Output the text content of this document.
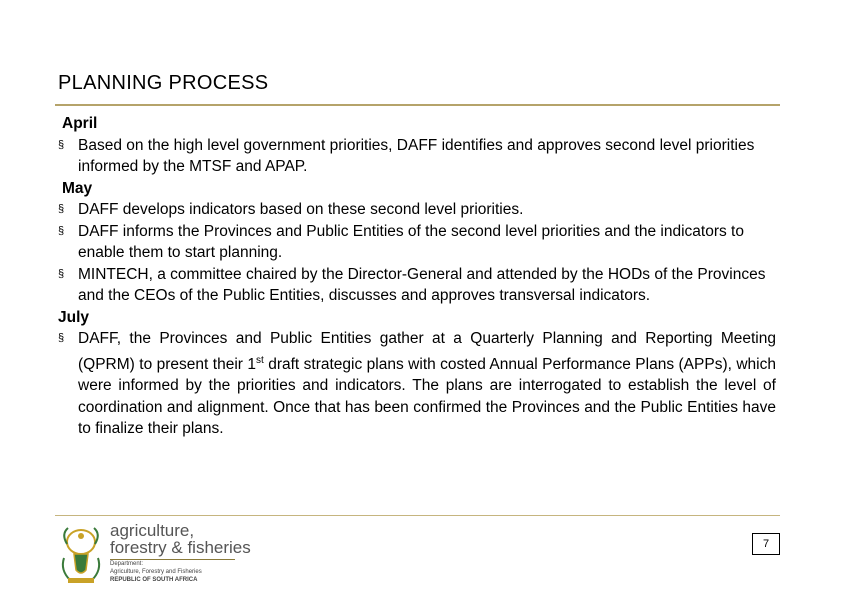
PLANNING PROCESS
April
§ Based on the high level government priorities, DAFF identifies and approves second level priorities informed by the MTSF and APAP.
May
§ DAFF develops indicators based on these second level priorities.
§ DAFF informs the Provinces and Public Entities of the second level priorities and the indicators to enable them to start planning.
§ MINTECH, a committee chaired by the Director-General and attended by the HODs of the Provinces and the CEOs of the Public Entities, discusses and approves transversal indicators.
July
§ DAFF, the Provinces and Public Entities gather at a Quarterly Planning and Reporting Meeting (QPRM) to present their 1st draft strategic plans with costed Annual Performance Plans (APPs), which were informed by the priorities and indicators. The plans are interrogated to establish the level of coordination and alignment. Once that has been confirmed the Provinces and the Public Entities have to finalize their plans.
agriculture,
forestry & fisheries
Department:
Agriculture, Forestry and Fisheries
REPUBLIC OF SOUTH AFRICA
7
